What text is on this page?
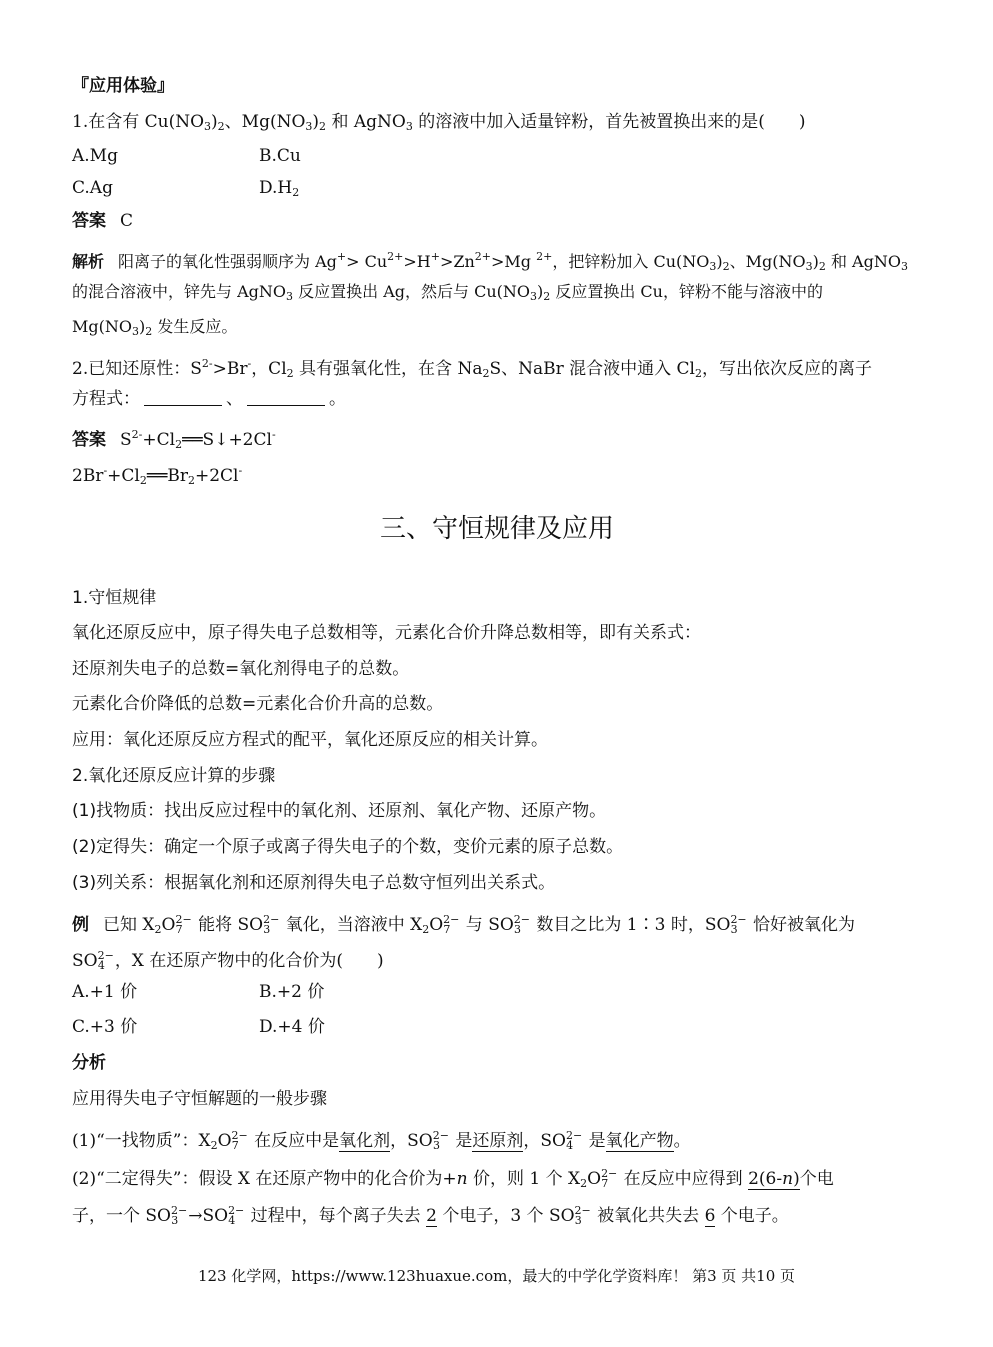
『应用体验』
1.在含有 $Cu(NO_3)_2$、$Mg(NO_3)_2$ 和 AgNO$_3$ 的溶液中加入适量锌粉，首先被置换出来的是(　　)
A.Mg	B.Cu
C.Ag	$D.H_2$
答案 C
解析 阳离子的氧化性强弱顺序为 $Ag^+> Cu^{2+}>H^+>Zn^{2+}>Mg$ $^{2+}$，把锌粉加入 $Cu(NO_3)_2$、$Mg(NO_3)_2$ 和 AgNO$_3$
的混合溶液中，锌先与 AgNO$_3$ 反应置换出 Ag，然后与 $Cu(NO_3)_2$ 反应置换出 Cu，锌粉不能与溶液中的
$Mg(NO_3)_2$ 发生反应。
2.已知还原性：$S^{2-}>Br^-$，$Cl_2$ 具有强氧化性，在含 $Na_2S$、NaBr 混合液中通入 $Cl_2$，写出依次反应的离子
方程式：	、	。
答案 $S^{2-}+Cl_2══S↓+2Cl^-$
$2Br^-+Cl_2══Br_2+2Cl^-$
三、守恒规律及应用
1.守恒规律
氧化还原反应中，原子得失电子总数相等，元素化合价升降总数相等，即有关系式：
还原剂失电子的总数=氧化剂得电子的总数。
元素化合价降低的总数=元素化合价升高的总数。
应用：氧化还原反应方程式的配平，氧化还原反应的相关计算。
2.氧化还原反应计算的步骤
(1)找物质：找出反应过程中的氧化剂、还原剂、氧化产物、还原产物。
(2)定得失：确定一个原子或离子得失电子的个数，变价元素的原子总数。
(3)列关系：根据氧化剂和还原剂得失电子总数守恒列出关系式。
例 已知 $X_2O^{2-}_7$ 能将 $SO^{2-}_3$ 氧化，当溶液中 $X_2O^{2-}_7$ 与 $SO^{2-}_3$ 数目之比为 1∶3 时，$SO^{2-}_3$ 恰好被氧化为
$SO^{2-}_4$ ，X 在还原产物中的化合价为(　　)
A.+1 价	B.+2 价
C.+3 价	D.+4 价
分析
应用得失电子守恒解题的一般步骤
(1)“一找物质”：$X_2O^{2-}_7$ 在反应中是氧化剂，$SO^{2-}_3$ 是还原剂，$SO^{2-}_4$ 是氧化产物。
(2)“二定得失”：假设 X 在还原产物中的化合价为+n 价，则 1 个 $X_2O^{2-}_7$ 在反应中应得到 2(6-n)个电
子，一个 $SO^{2-}_3 \to SO^{2-}_4$ 过程中，每个离子失去 2 个电子，3 个 $SO^{2-}_3$ 被氧化共失去 6 个电子。
123 化学网，https://www.123huaxue.com，最大的中学化学资料库！ 第3 页 共10 页
